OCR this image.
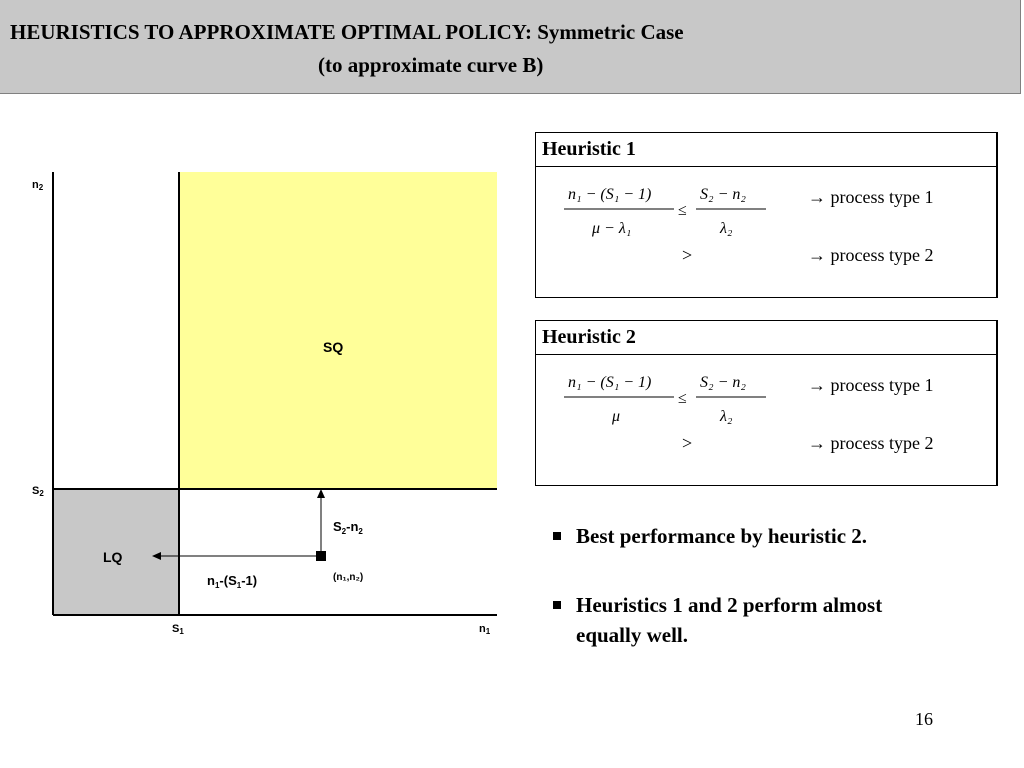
HEURISTICS TO APPROXIMATE OPTIMAL POLICY: Symmetric Case
(to approximate curve B)
n2
n1
S1
S2
SQ
LQ
$S_2-n_2$
$n_1-(S_1-1)$	(n₁,n₂)
Heuristic 1
n₁ − (S₁ − 1)
μ − λ₁
≤
S₂ − n₂
λ₂
→ process type 1
>	→ process type 2
Heuristic 2
n₁ − (S₁ − 1)
μ
≤
S₂ − n₂
λ₂
→ process type 1
>	→ process type 2
Best performance by heuristic 2.
Heuristics 1 and 2 perform almost equally well.
16
